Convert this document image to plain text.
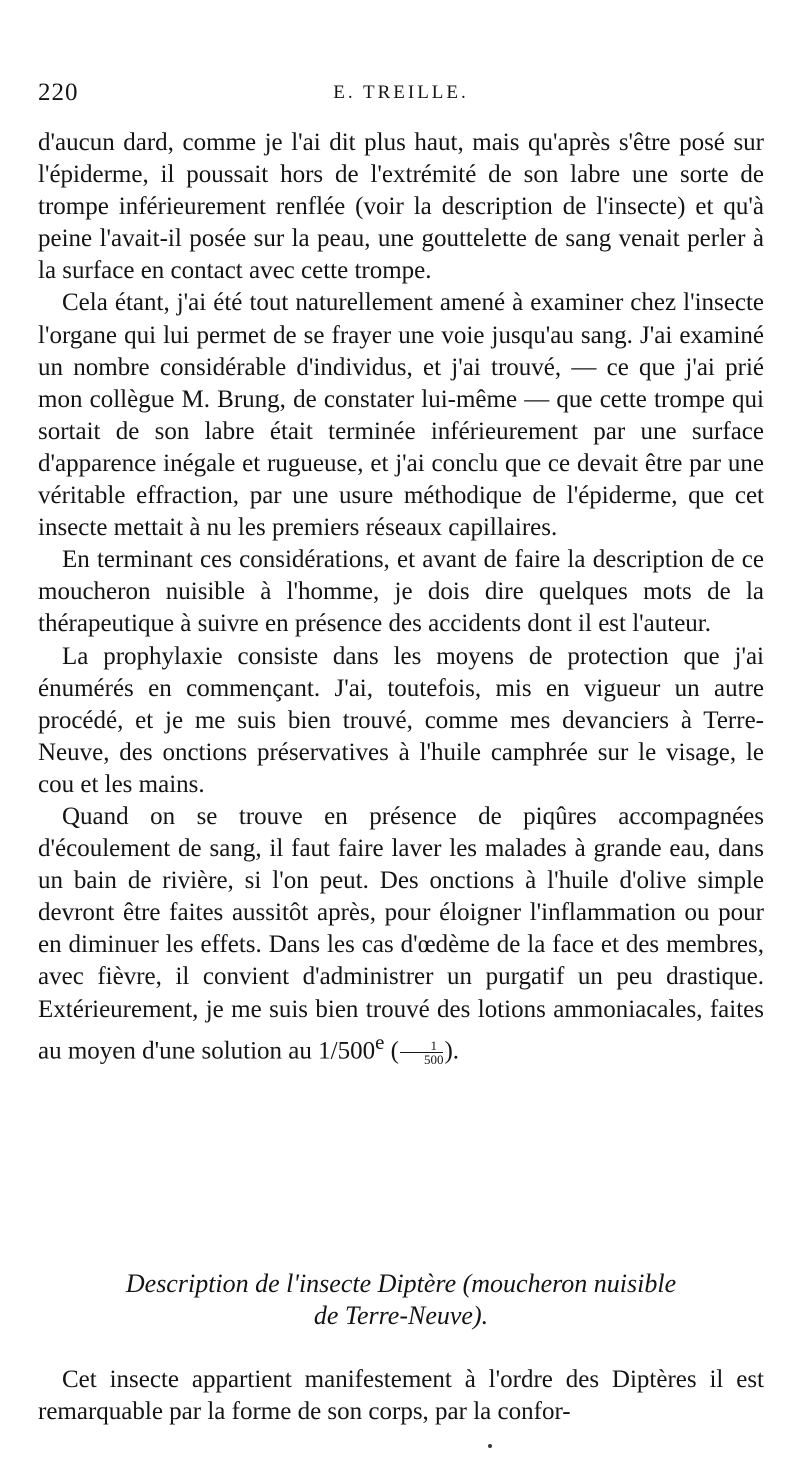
220	E. TREILLE.

d'aucun dard, comme je l'ai dit plus haut, mais qu'après s'être posé sur l'épiderme, il poussait hors de l'extrémité de son labre une sorte de trompe inférieurement renflée (voir la description de l'insecte) et qu'à peine l'avait-il posée sur la peau, une gouttelette de sang venait perler à la surface en contact avec cette trompe.

Cela étant, j'ai été tout naturellement amené à examiner chez l'insecte l'organe qui lui permet de se frayer une voie jusqu'au sang. J'ai examiné un nombre considérable d'individus, et j'ai trouvé, — ce que j'ai prié mon collègue M. Brung, de constater lui-même — que cette trompe qui sortait de son labre était terminée inférieurement par une surface d'apparence inégale et rugueuse, et j'ai conclu que ce devait être par une véritable effraction, par une usure méthodique de l'épiderme, que cet insecte mettait à nu les premiers réseaux capillaires.

En terminant ces considérations, et avant de faire la description de ce moucheron nuisible à l'homme, je dois dire quelques mots de la thérapeutique à suivre en présence des accidents dont il est l'auteur.

La prophylaxie consiste dans les moyens de protection que j'ai énumérés en commençant. J'ai, toutefois, mis en vigueur un autre procédé, et je me suis bien trouvé, comme mes devanciers à Terre-Neuve, des onctions préservatives à l'huile camphrée sur le visage, le cou et les mains.

Quand on se trouve en présence de piqûres accompagnées d'écoulement de sang, il faut faire laver les malades à grande eau, dans un bain de rivière, si l'on peut. Des onctions à l'huile d'olive simple devront être faites aussitôt après, pour éloigner l'inflammation ou pour en diminuer les effets. Dans les cas d'œdème de la face et des membres, avec fièvre, il convient d'administrer un purgatif un peu drastique. Extérieurement, je me suis bien trouvé des lotions ammoniacales, faites au moyen d'une solution au 1/500e ( $\frac{1}{500}$ ).

Description de l'insecte Diptère (moucheron nuisible
de Terre-Neuve).

Cet insecte appartient manifestement à l'ordre des Diptères il est remarquable par la forme de son corps, par la confor-
